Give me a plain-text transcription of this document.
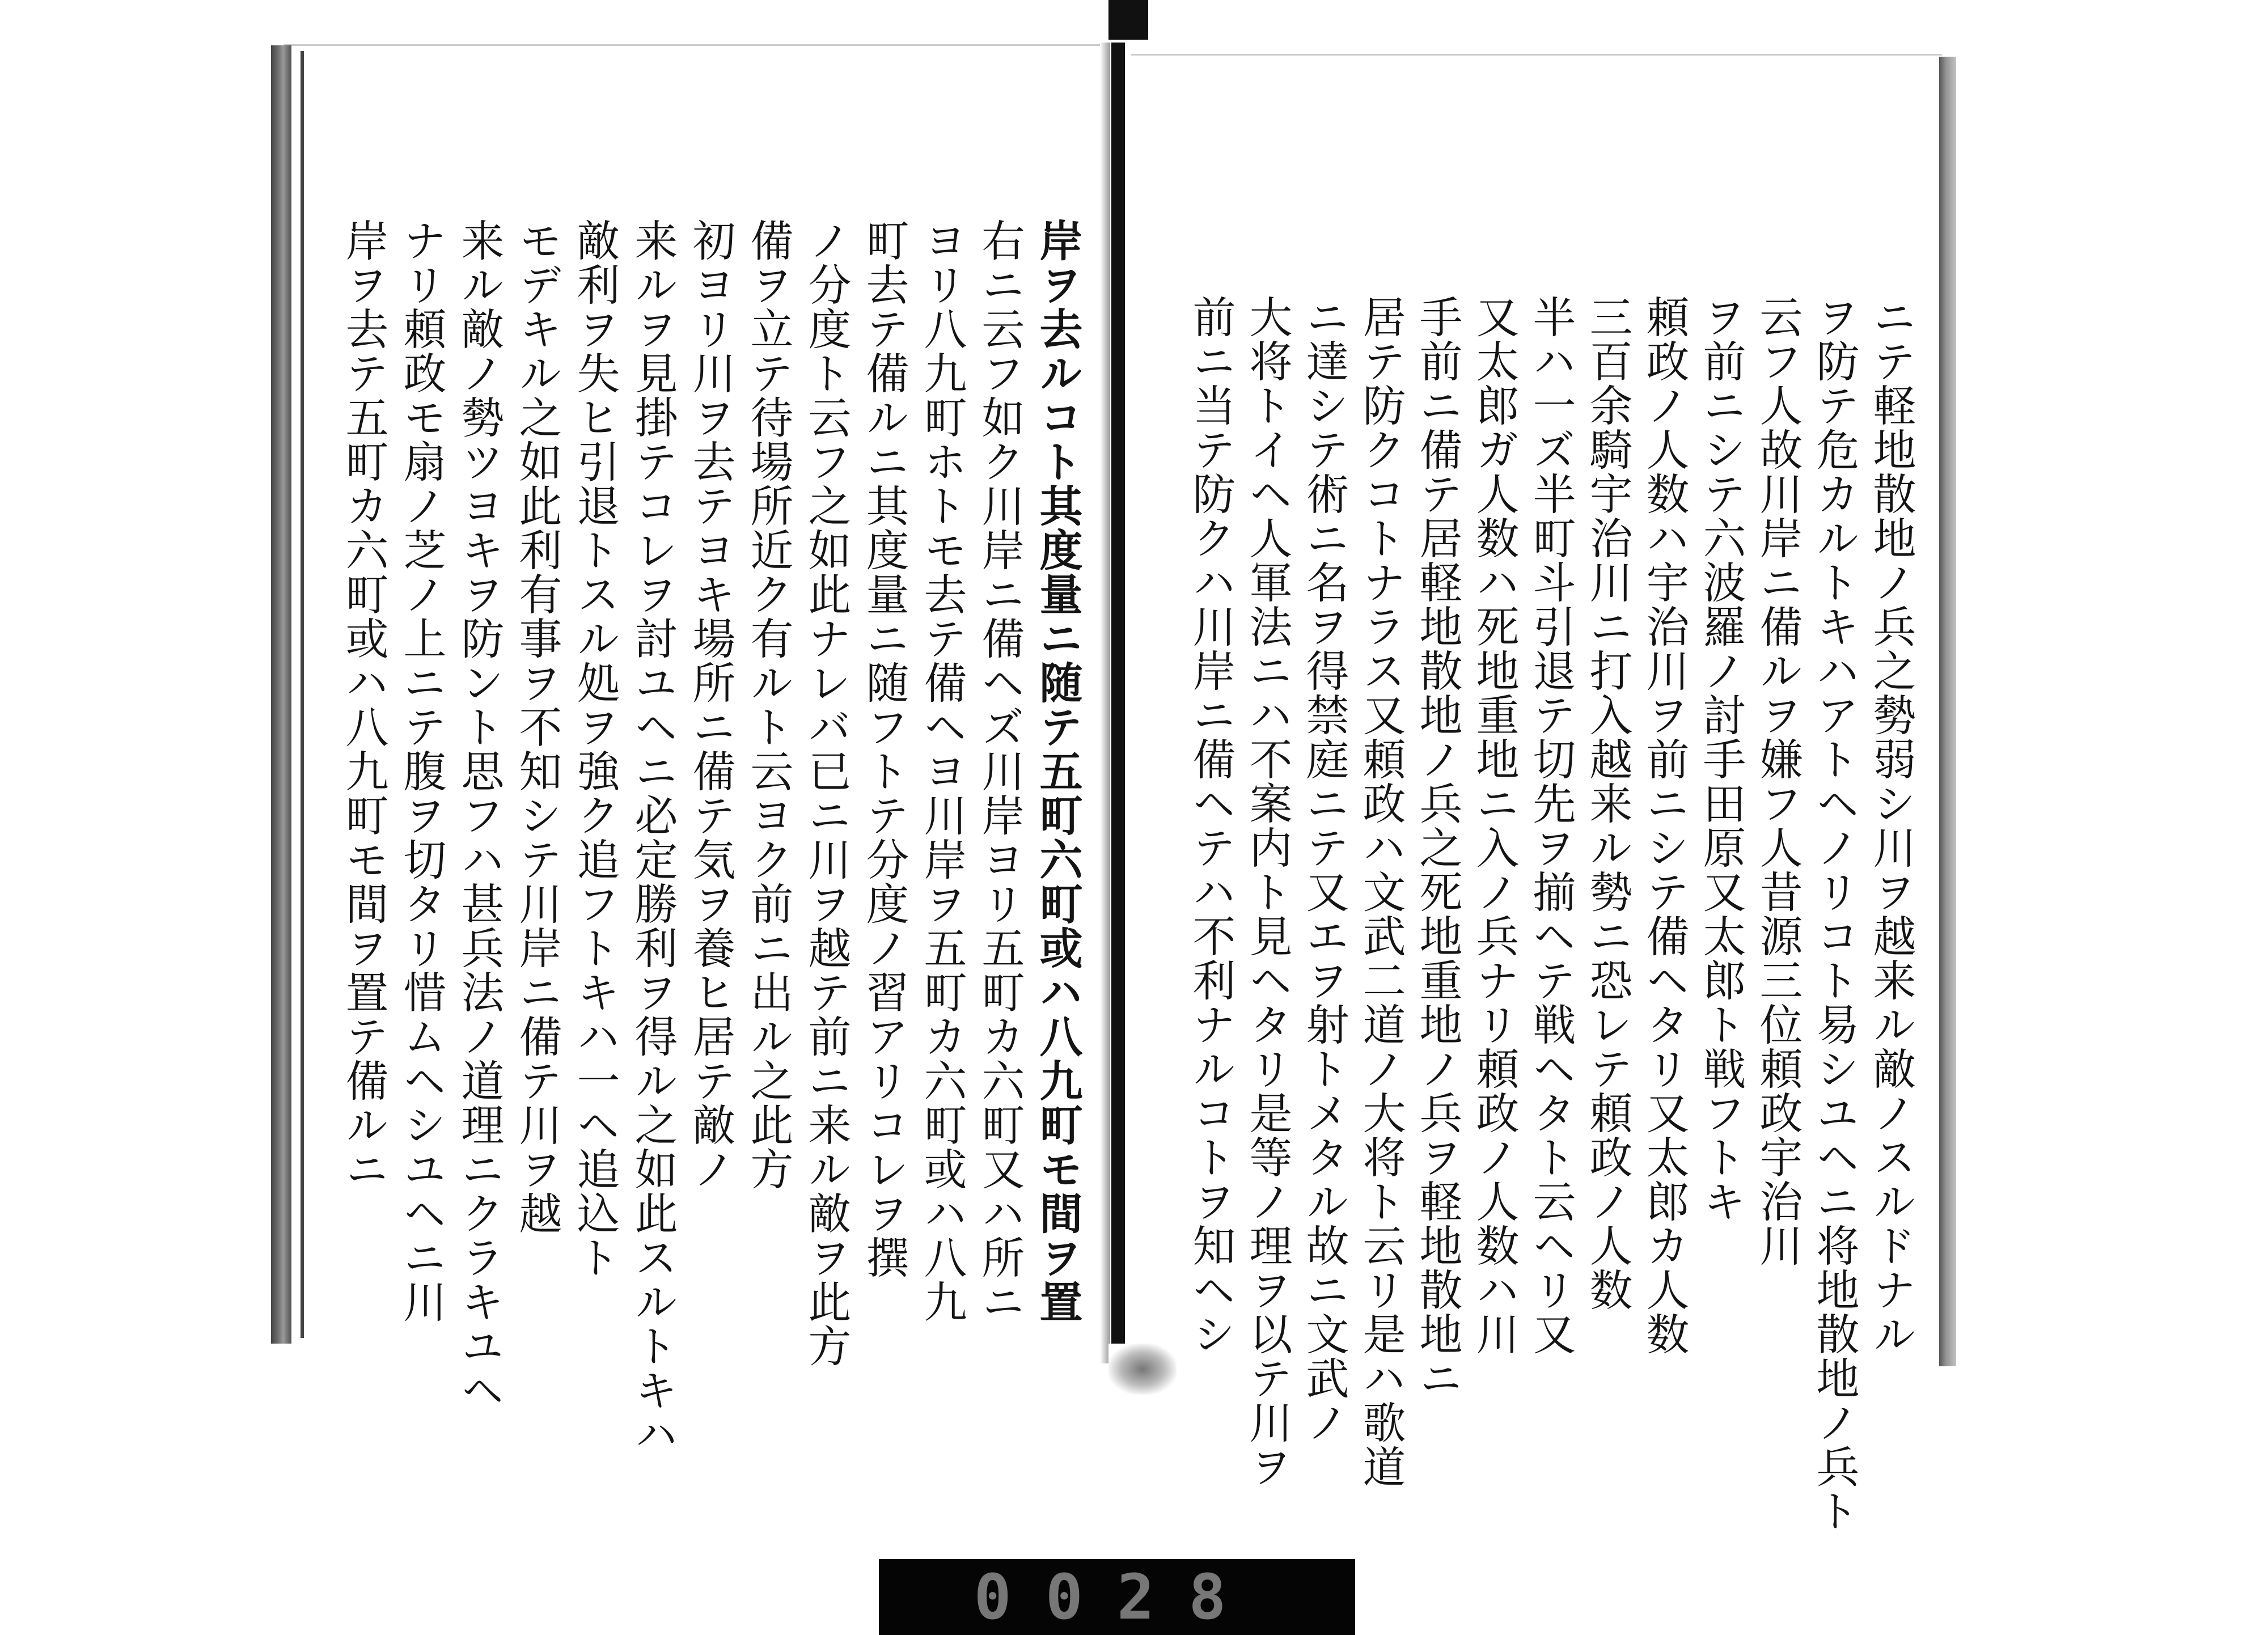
岸ヲ去ルコト其度量ニ随テ五町六町或ハ八九町モ間ヲ置
右ニ云フ如ク川岸ニ備ヘズ川岸ヨリ五町カ六町又ハ所ニ
ヨリ八九町ホトモ去テ備ヘヨ川岸ヲ五町カ六町或ハ八九
町去テ備ルニ其度量ニ随フトテ分度ノ習アリコレヲ撰
ノ分度ト云フ之如此ナレバ已ニ川ヲ越テ前ニ来ル敵ヲ此方
備ヲ立テ待場所近ク有ルト云ヨク前ニ出ル之此方
初ヨリ川ヲ去テヨキ場所ニ備テ気ヲ養ヒ居テ敵ノ
来ルヲ見掛テコレヲ討ユヘニ必定勝利ヲ得ル之如此スルトキハ
敵利ヲ失ヒ引退トスル処ヲ強ク追フトキハ一ヘ追込ト
モデキル之如此利有事ヲ不知シテ川岸ニ備テ川ヲ越
来ル敵ノ勢ツヨキヲ防ント思フハ甚兵法ノ道理ニクラキユヘ
ナリ頼政モ扇ノ芝ノ上ニテ腹ヲ切タリ惜ムヘシユヘニ川
岸ヲ去テ五町カ六町或ハ八九町モ間ヲ置テ備ルニ	ニテ軽地散地ノ兵之勢弱シ川ヲ越来ル敵ノスルドナル
ヲ防テ危カルトキハアトヘノリコト易シユヘニ将地散地ノ兵ト
云フ人故川岸ニ備ルヲ嫌フ人昔源三位頼政宇治川
ヲ前ニシテ六波羅ノ討手田原又太郎ト戦フトキ
頼政ノ人数ハ宇治川ヲ前ニシテ備ヘタリ又太郎カ人数
三百余騎宇治川ニ打入越来ル勢ニ恐レテ頼政ノ人数
半ハ一ズ半町斗引退テ切先ヲ揃ヘテ戦ヘタト云ヘリ又
又太郎ガ人数ハ死地重地ニ入ノ兵ナリ頼政ノ人数ハ川
手前ニ備テ居軽地散地ノ兵之死地重地ノ兵ヲ軽地散地ニ
居テ防クコトナラス又頼政ハ文武二道ノ大将ト云リ是ハ歌道
ニ達シテ術ニ名ヲ得禁庭ニテ又エヲ射トメタル故ニ文武ノ
大将トイヘ人軍法ニハ不案内ト見ヘタリ是等ノ理ヲ以テ川ヲ
前ニ当テ防クハ川岸ニ備ヘテハ不利ナルコトヲ知ヘシ
0028
